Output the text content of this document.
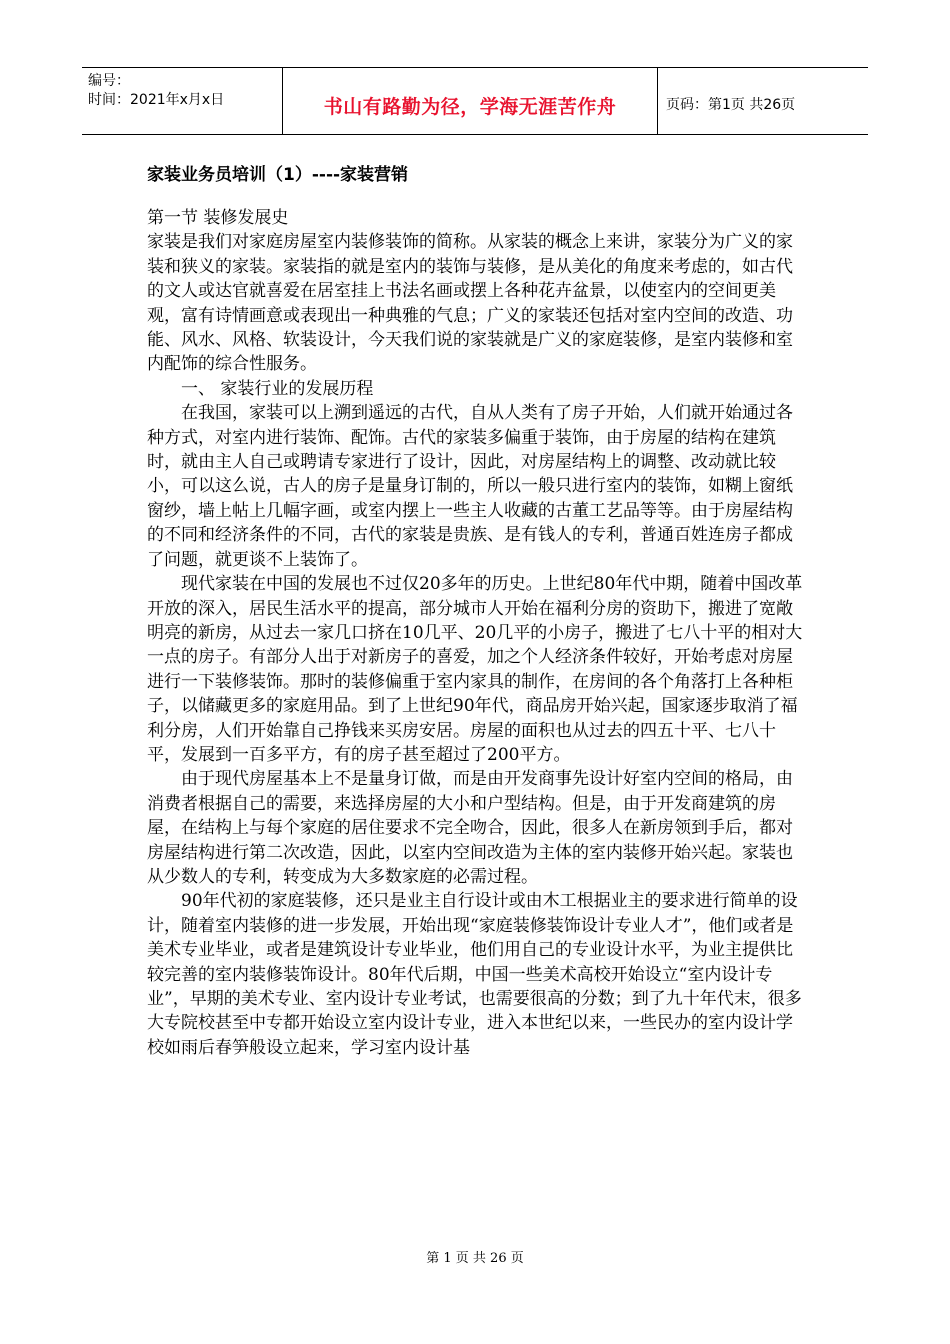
编号：
时间：2021年x月x日	书山有路勤为径，学海无涯苦作舟	页码：第1页 共26页
家装业务员培训（1）----家装营销

第一节 装修发展史

家装是我们对家庭房屋室内装修装饰的简称。从家装的概念上来讲，家装分为广义的家装和狭义的家装。家装指的就是室内的装饰与装修，是从美化的角度来考虑的，如古代的文人或达官就喜爱在居室挂上书法名画或摆上各种花卉盆景，以使室内的空间更美观，富有诗情画意或表现出一种典雅的气息；广义的家装还包括对室内空间的改造、功能、风水、风格、软装设计，今天我们说的家装就是广义的家庭装修，是室内装修和室内配饰的综合性服务。

一、 家装行业的发展历程

在我国，家装可以上溯到遥远的古代，自从人类有了房子开始，人们就开始通过各种方式，对室内进行装饰、配饰。古代的家装多偏重于装饰，由于房屋的结构在建筑时，就由主人自己或聘请专家进行了设计，因此，对房屋结构上的调整、改动就比较小，可以这么说，古人的房子是量身订制的，所以一般只进行室内的装饰，如糊上窗纸窗纱，墙上帖上几幅字画，或室内摆上一些主人收藏的古董工艺品等等。由于房屋结构的不同和经济条件的不同，古代的家装是贵族、是有钱人的专利，普通百姓连房子都成了问题，就更谈不上装饰了。

现代家装在中国的发展也不过仅20多年的历史。上世纪80年代中期，随着中国改革开放的深入，居民生活水平的提高，部分城市人开始在福利分房的资助下，搬进了宽敞明亮的新房，从过去一家几口挤在10几平、20几平的小房子，搬进了七八十平的相对大一点的房子。有部分人出于对新房子的喜爱，加之个人经济条件较好，开始考虑对房屋进行一下装修装饰。那时的装修偏重于室内家具的制作，在房间的各个角落打上各种柜子，以储藏更多的家庭用品。到了上世纪90年代，商品房开始兴起，国家逐步取消了福利分房，人们开始靠自己挣钱来买房安居。房屋的面积也从过去的四五十平、七八十平，发展到一百多平方，有的房子甚至超过了200平方。

由于现代房屋基本上不是量身订做，而是由开发商事先设计好室内空间的格局，由消费者根据自己的需要，来选择房屋的大小和户型结构。但是，由于开发商建筑的房屋，在结构上与每个家庭的居住要求不完全吻合，因此，很多人在新房领到手后，都对房屋结构进行第二次改造，因此，以室内空间改造为主体的室内装修开始兴起。家装也从少数人的专利，转变成为大多数家庭的必需过程。

90年代初的家庭装修，还只是业主自行设计或由木工根据业主的要求进行简单的设计，随着室内装修的进一步发展，开始出现“家庭装修装饰设计专业人才”，他们或者是美术专业毕业，或者是建筑设计专业毕业，他们用自己的专业设计水平，为业主提供比较完善的室内装修装饰设计。80年代后期，中国一些美术高校开始设立“室内设计专业”，早期的美术专业、室内设计专业考试，也需要很高的分数；到了九十年代末，很多大专院校甚至中专都开始设立室内设计专业，进入本世纪以来，一些民办的室内设计学校如雨后春笋般设立起来，学习室内设计基

第 1 页 共 26 页
